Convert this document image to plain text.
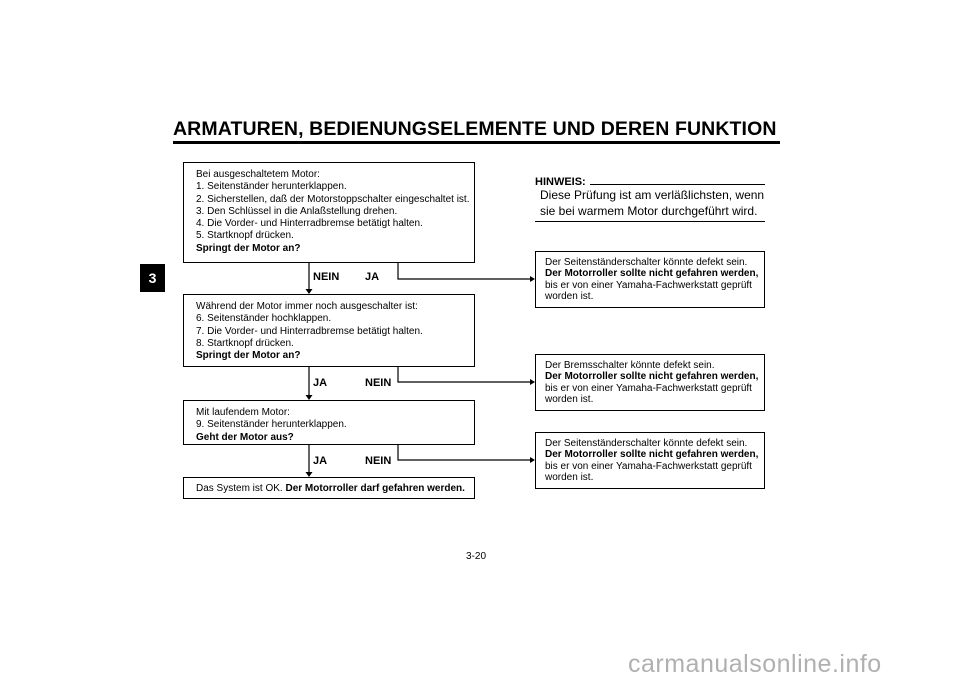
ARMATUREN, BEDIENUNGSELEMENTE UND DEREN FUNKTION
3
Bei ausgeschaltetem Motor:
1. Seitenständer herunterklappen.
2. Sicherstellen, daß der Motorstoppschalter eingeschaltet ist.
3. Den Schlüssel in die Anlaßstellung drehen.
4. Die Vorder- und Hinterradbremse betätigt halten.
5. Startknopf drücken.
Springt der Motor an?
NEIN JA
Während der Motor immer noch ausgeschalter ist:
6. Seitenständer hochklappen.
7. Die Vorder- und Hinterradbremse betätigt halten.
8. Startknopf drücken.
Springt der Motor an?
JA	NEIN
Mit laufendem Motor:
9. Seitenständer herunterklappen.
Geht der Motor aus?
JA	NEIN
Das System ist OK. Der Motorroller darf gefahren werden.
Der Seitenständerschalter könnte defekt sein.
Der Motorroller sollte nicht gefahren werden,
bis er von einer Yamaha-Fachwerkstatt geprüft
worden ist.
Der Bremsschalter könnte defekt sein.
Der Motorroller sollte nicht gefahren werden,
bis er von einer Yamaha-Fachwerkstatt geprüft
worden ist.
Der Seitenständerschalter könnte defekt sein.
Der Motorroller sollte nicht gefahren werden,
bis er von einer Yamaha-Fachwerkstatt geprüft
worden ist.
HINWEIS:
Diese Prüfung ist am verläßlichsten, wenn sie bei warmem Motor durchgeführt wird.
3-20
carmanualsonline.info
